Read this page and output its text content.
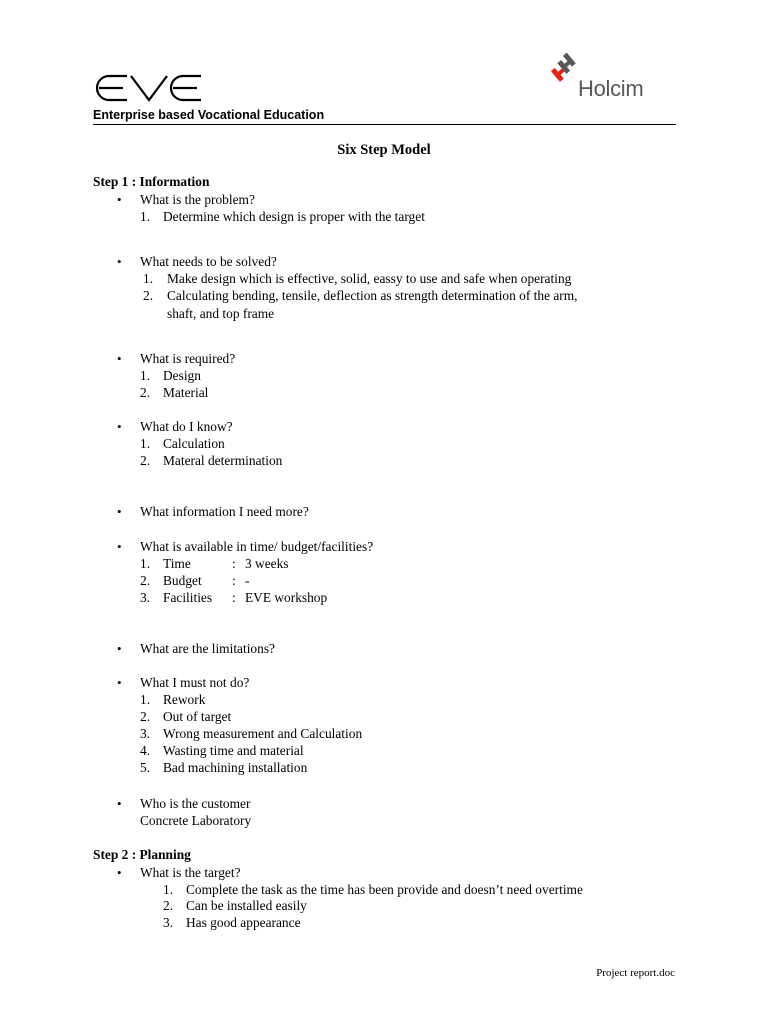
Enterprise based Vocational Education
Holcim
Six Step Model
Step 1 : Information
• What is the problem?
1. Determine which design is proper with the target
• What needs to be solved?
1. Make design which is effective, solid, eassy to use and safe when operating
2. Calculating bending, tensile, deflection as strength determination of the arm,
shaft, and top frame
• What is required?
1. Design
2. Material
• What do I know?
1. Calculation
2. Materal determination
• What information I need more?
• What is available in time/ budget/facilities?
1. Time	: 3 weeks
2. Budget : -
3. Facilities : EVE workshop
• What are the limitations?
• What I must not do?
1. Rework
2. Out of target
3. Wrong measurement and Calculation
4. Wasting time and material
5. Bad machining installation
• Who is the customer
Concrete Laboratory
Step 2 : Planning
• What is the target?
1. Complete the task as the time has been provide and doesn’t need overtime
2. Can be installed easily
3. Has good appearance
Project report.doc
